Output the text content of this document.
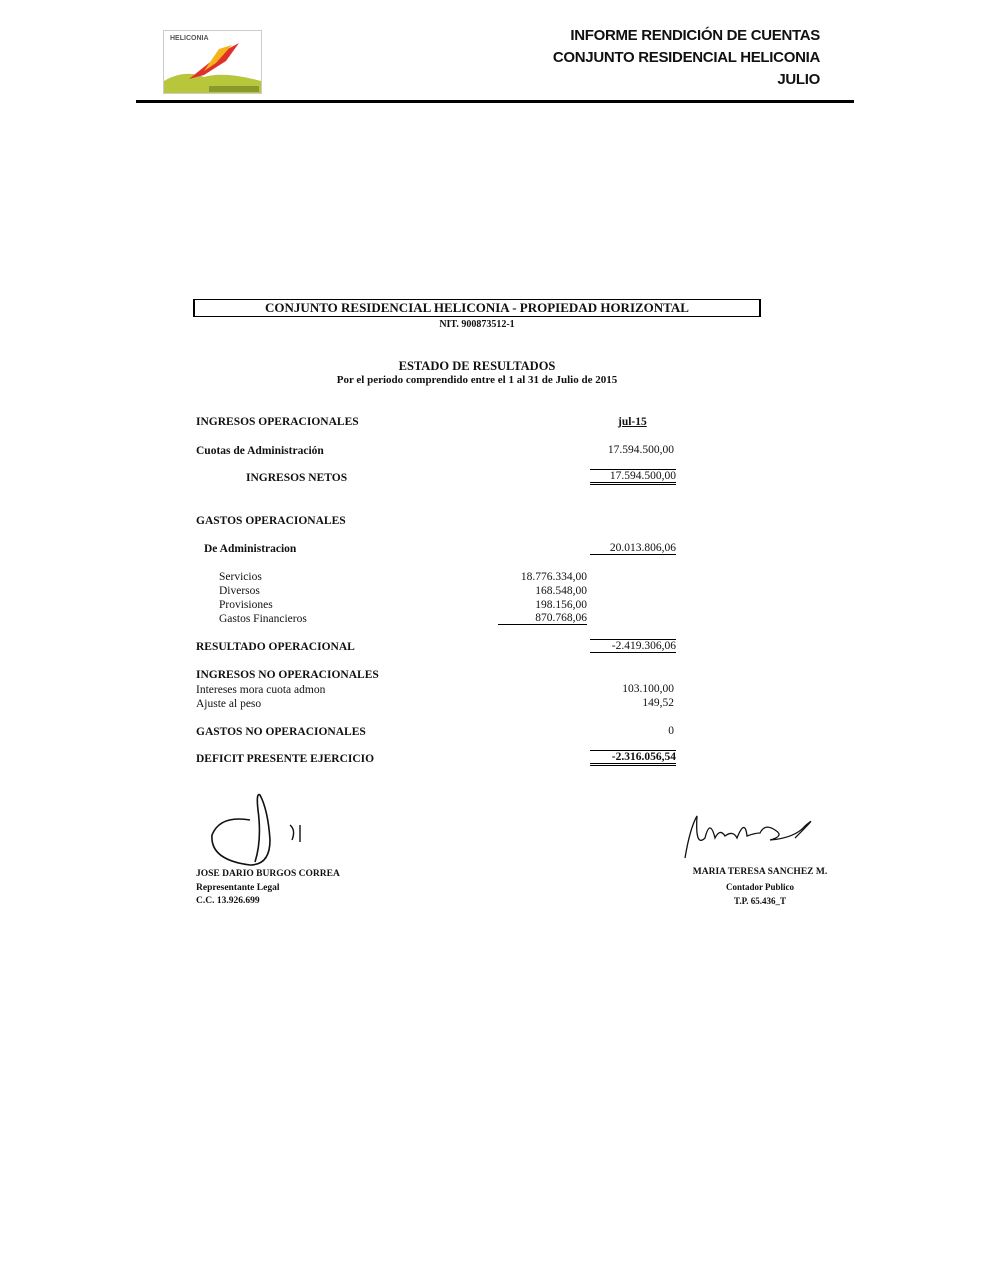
HELICONIA	INFORME RENDICIÓN DE CUENTAS
CONJUNTO RESIDENCIAL HELICONIA
JULIO
CONJUNTO RESIDENCIAL HELICONIA - PROPIEDAD HORIZONTAL
NIT. 900873512-1
ESTADO DE RESULTADOS
Por el periodo comprendido entre el 1 al 31 de Julio de 2015
INGRESOS OPERACIONALES	jul-15
Cuotas de Administración	17.594.500,00
INGRESOS NETOS	17.594.500,00
GASTOS OPERACIONALES
De Administracion	20.013.806,06
Servicios	18.776.334,00
Diversos	168.548,00
Provisiones	198.156,00
Gastos Financieros	870.768,06
RESULTADO OPERACIONAL	-2.419.306,06
INGRESOS NO OPERACIONALES
Intereses mora cuota admon	103.100,00
Ajuste al peso	149,52
GASTOS NO OPERACIONALES	0
DEFICIT PRESENTE EJERCICIO	-2.316.056,54
JOSE DARIO BURGOS CORREA
Representante Legal
C.C. 13.926.699
MARIA TERESA SANCHEZ M.
Contador Publico
T.P. 65.436_T
